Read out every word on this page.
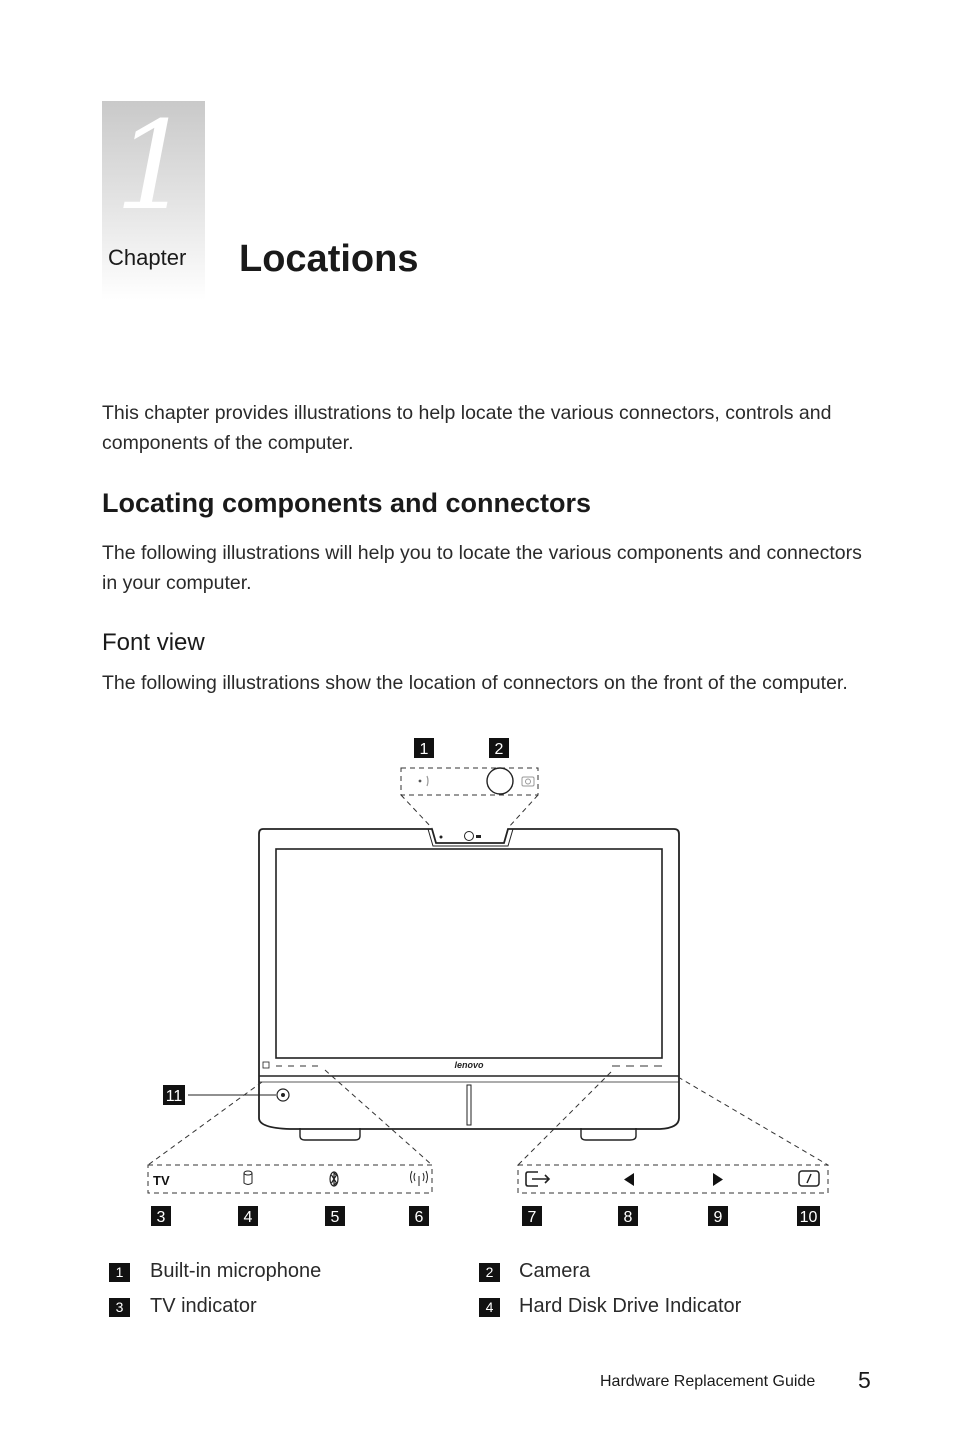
1
Chapter Locations

This chapter provides illustrations to help locate the various connectors, controls and components of the computer.

Locating components and connectors

The following illustrations will help you to locate the various components and connectors in your computer.

Font view

The following illustrations show the location of connectors on the front of the computer.

1	2
lenovo
11
TV
3	4	5	6	7	8	9	10
1	Built-in microphone	2	Camera
3	TV indicator	4	Hard Disk Drive Indicator
Hardware Replacement Guide 5
